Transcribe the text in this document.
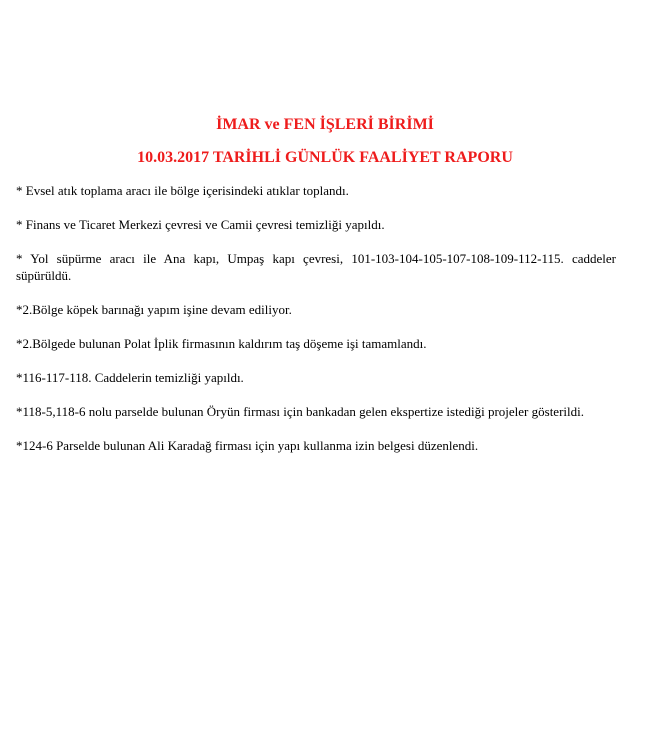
İMAR ve FEN İŞLERİ BİRİMİ
10.03.2017 TARİHLİ GÜNLÜK FAALİYET RAPORU

* Evsel atık toplama aracı ile bölge içerisindeki atıklar toplandı.

* Finans ve Ticaret Merkezi çevresi ve Camii çevresi temizliği yapıldı.

* Yol süpürme aracı ile Ana kapı, Umpaş kapı çevresi, 101-103-104-105-107-108-109-112-115. caddeler süpürüldü.

*2.Bölge köpek barınağı yapım işine devam ediliyor.

*2.Bölgede bulunan Polat İplik firmasının kaldırım taş döşeme işi tamamlandı.

*116-117-118. Caddelerin temizliği yapıldı.

*118-5,118-6 nolu parselde bulunan Öryün firması için bankadan gelen ekspertize istediği projeler gösterildi.

*124-6 Parselde bulunan Ali Karadağ firması için yapı kullanma izin belgesi düzenlendi.
